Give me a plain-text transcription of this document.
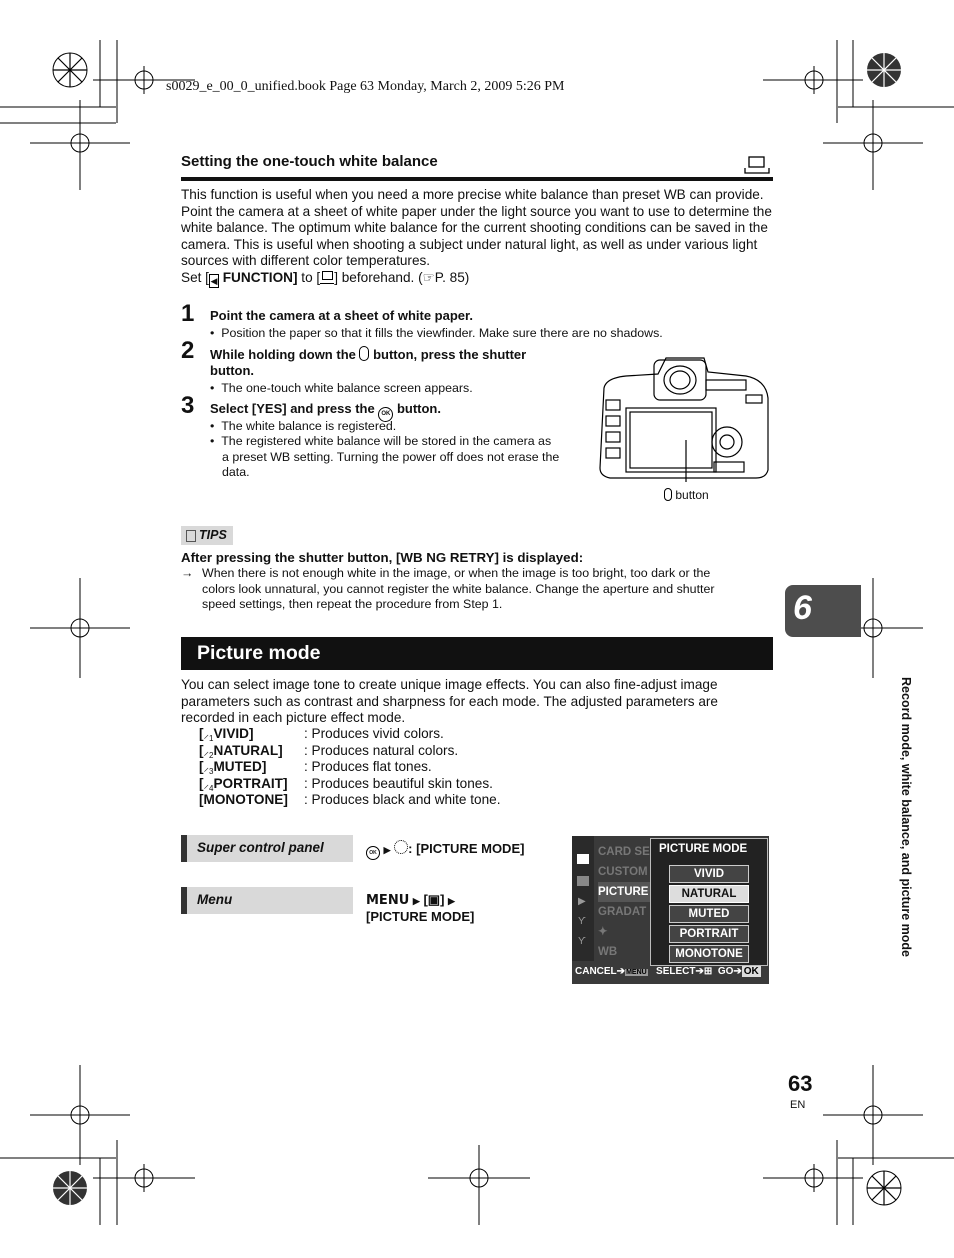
s0029_e_00_0_unified.book Page 63 Monday, March 2, 2009 5:26 PM
Setting the one-touch white balance
This function is useful when you need a more precise white balance than preset WB can provide. Point the camera at a sheet of white paper under the light source you want to use to determine the white balance. The optimum white balance for the current shooting conditions can be saved in the camera. This is useful when shooting a subject under natural light, as well as under various light sources with different color temperatures.
Set [ ◀ FUNCTION] to [ ] beforehand. (☞P. 85)
1 Point the camera at a sheet of white paper.
•  Position the paper so that it fills the viewfinder. Make sure there are no shadows.
2 While holding down the  button, press the shutter
button.
•  The one-touch white balance screen appears.
3 Select [YES] and press the OK button.
•  The white balance is registered.
•  The registered white balance will be stored in the camera as
a preset WB setting. Turning the power off does not erase the
data.
button
TIPS
After pressing the shutter button, [WB NG RETRY] is displayed:
→ When there is not enough white in the image, or when the image is too bright, too dark or the
colors look unnatural, you cannot register the white balance. Change the aperture and shutter
speed settings, then repeat the procedure from Step 1.
Picture mode
You can select image tone to create unique image effects. You can also fine-adjust image
parameters such as contrast and sharpness for each mode. The adjusted parameters are
recorded in each picture effect mode.
$[⸝_1VIVID]$	: Produces vivid colors.
$[⸝_2NATURAL]$ : Produces natural colors.
$[⸝_3MUTED]$	: Produces flat tones.
$[⸝_4PORTRAIT]$ : Produces beautiful skin tones.
[MONOTONE] : Produces black and white tone.
Super control panel	OK ▶ : [PICTURE MODE]
Menu	MENU ▶ [▣] ▶
[PICTURE MODE]
▶
ϒ
ϒ
CARD SE
CUSTOM
PICTURE
GRADAT
✦
WB
PICTURE MODE
VIVID
NATURAL
MUTED
PORTRAIT
MONOTONE
CANCEL➔MENU SELECT➔⊞ GO➔ OK
6
Record mode, white balance, and picture mode
63
EN
